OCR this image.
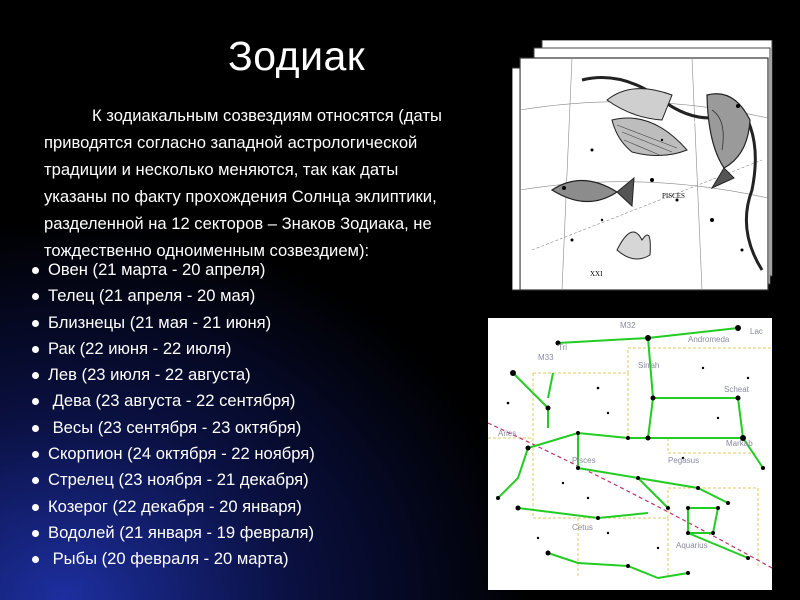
Зодиак
К зодиакальным созвездиям относятся (даты
приводятся согласно западной астрологической
традиции и несколько меняются, так как даты
указаны по факту прохождения Солнца эклиптики,
разделенной на 12 секторов – Знаков Зодиака, не
тождественно одноименным созвездием):
Овен (21 марта - 20 апреля)
Телец (21 апреля - 20 мая)
Близнецы (21 мая - 21 июня)
Рак (22 июня - 22 июля)
Лев (23 июля - 22 августа)
Дева (23 августа - 22 сентября)
Весы (23 сентября - 23 октября)
Скорпион (24 октября - 22 ноября)
Стрелец (23 ноября - 21 декабря)
Козерог (22 декабря - 20 января)
Водолей (21 января - 19 февраля)
Рыбы (20 февраля - 20 марта)
PISCES
XXI
M32
Andromeda
Lac
Tri
M33
Sirrah
Aries
Pisces	Pegasus
Cetus
Aquarius
Markab
Scheat
